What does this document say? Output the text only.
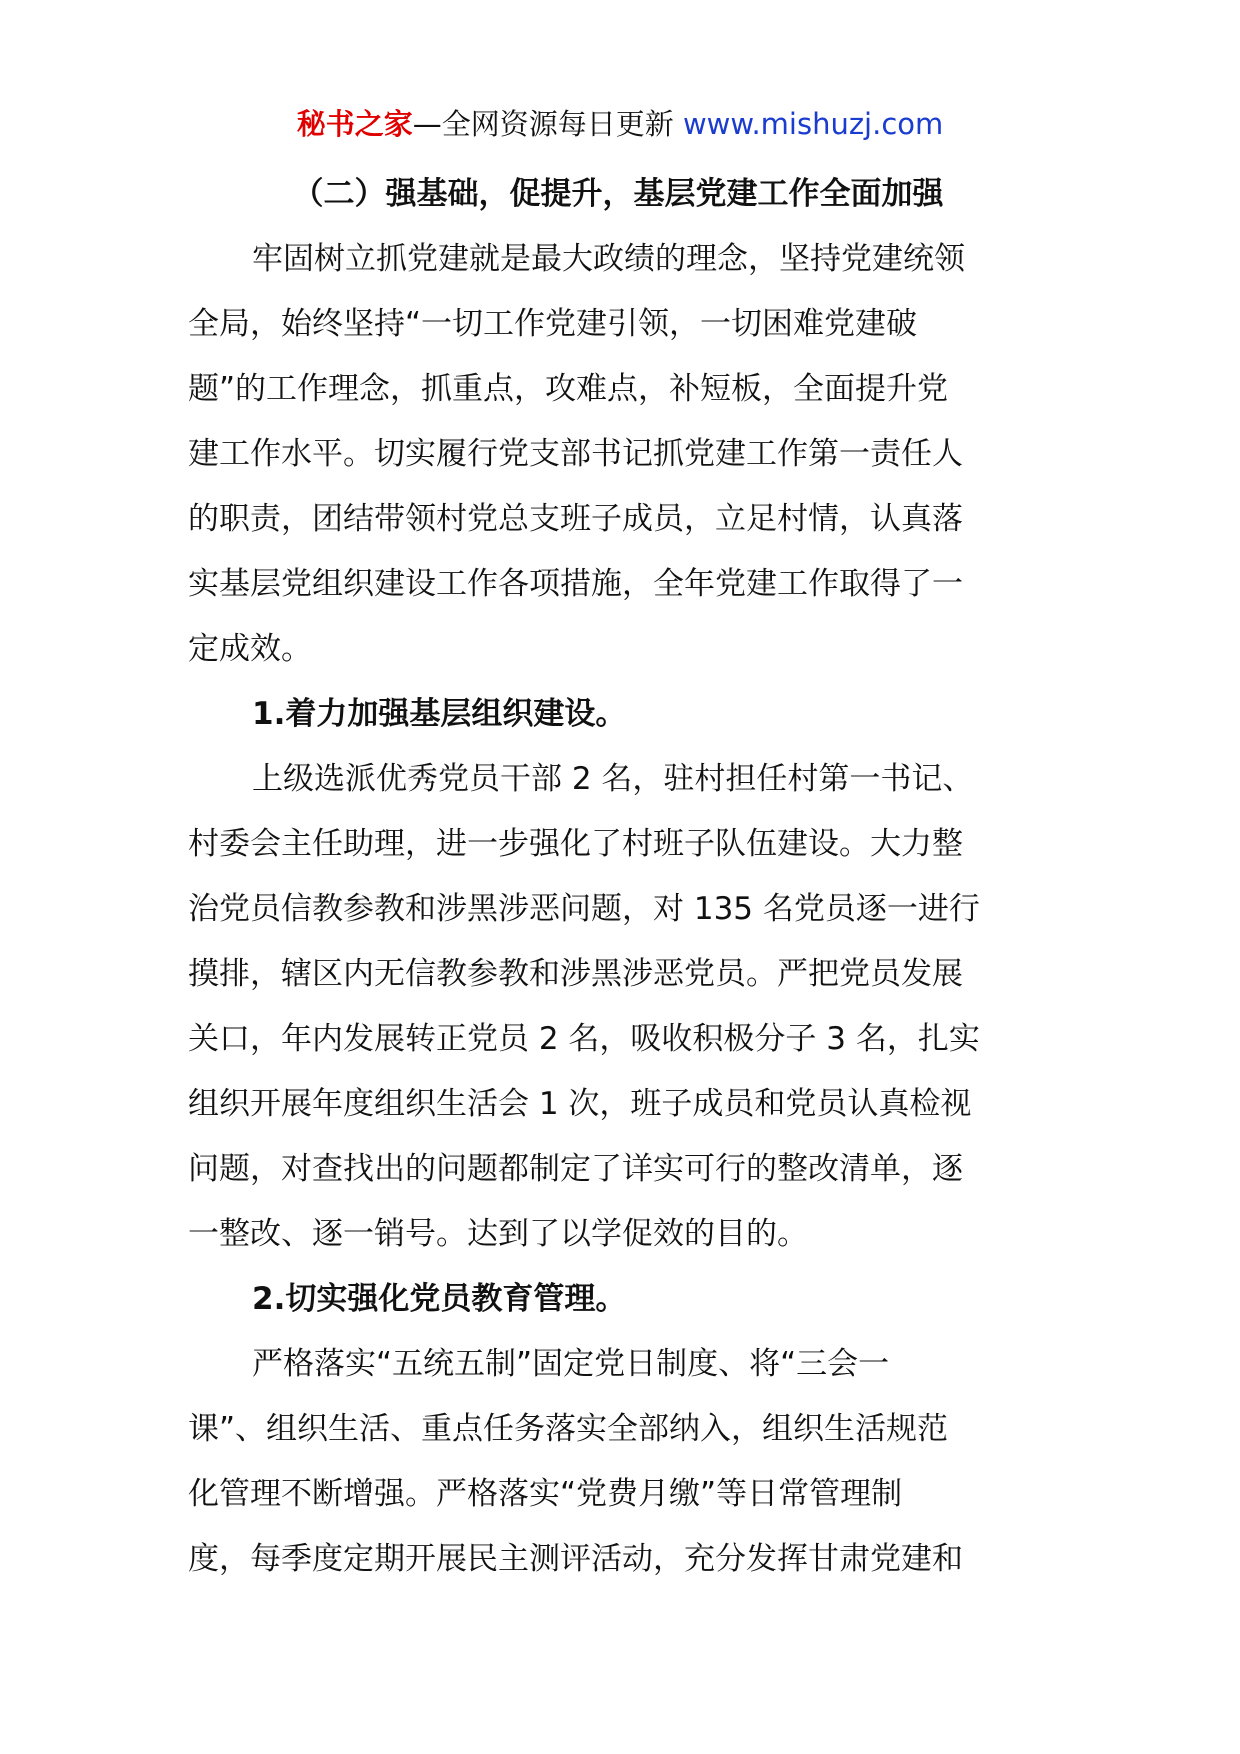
秘书之家—全网资源每日更新 www.mishuzj.com
（二）强基础，促提升，基层党建工作全面加强
牢固树立抓党建就是最大政绩的理念，坚持党建统领
全局，始终坚持“一切工作党建引领，一切困难党建破
题”的工作理念，抓重点，攻难点，补短板，全面提升党
建工作水平。切实履行党支部书记抓党建工作第一责任人
的职责，团结带领村党总支班子成员，立足村情，认真落
实基层党组织建设工作各项措施，全年党建工作取得了一
定成效。
1.着力加强基层组织建设。
上级选派优秀党员干部 2 名，驻村担任村第一书记、
村委会主任助理，进一步强化了村班子队伍建设。大力整
治党员信教参教和涉黑涉恶问题，对 135 名党员逐一进行
摸排，辖区内无信教参教和涉黑涉恶党员。严把党员发展
关口，年内发展转正党员 2 名，吸收积极分子 3 名，扎实
组织开展年度组织生活会 1 次，班子成员和党员认真检视
问题，对查找出的问题都制定了详实可行的整改清单，逐
一整改、逐一销号。达到了以学促效的目的。
2.切实强化党员教育管理。
严格落实“五统五制”固定党日制度、将“三会一
课”、组织生活、重点任务落实全部纳入，组织生活规范
化管理不断增强。严格落实“党费月缴”等日常管理制
度，每季度定期开展民主测评活动，充分发挥甘肃党建和
